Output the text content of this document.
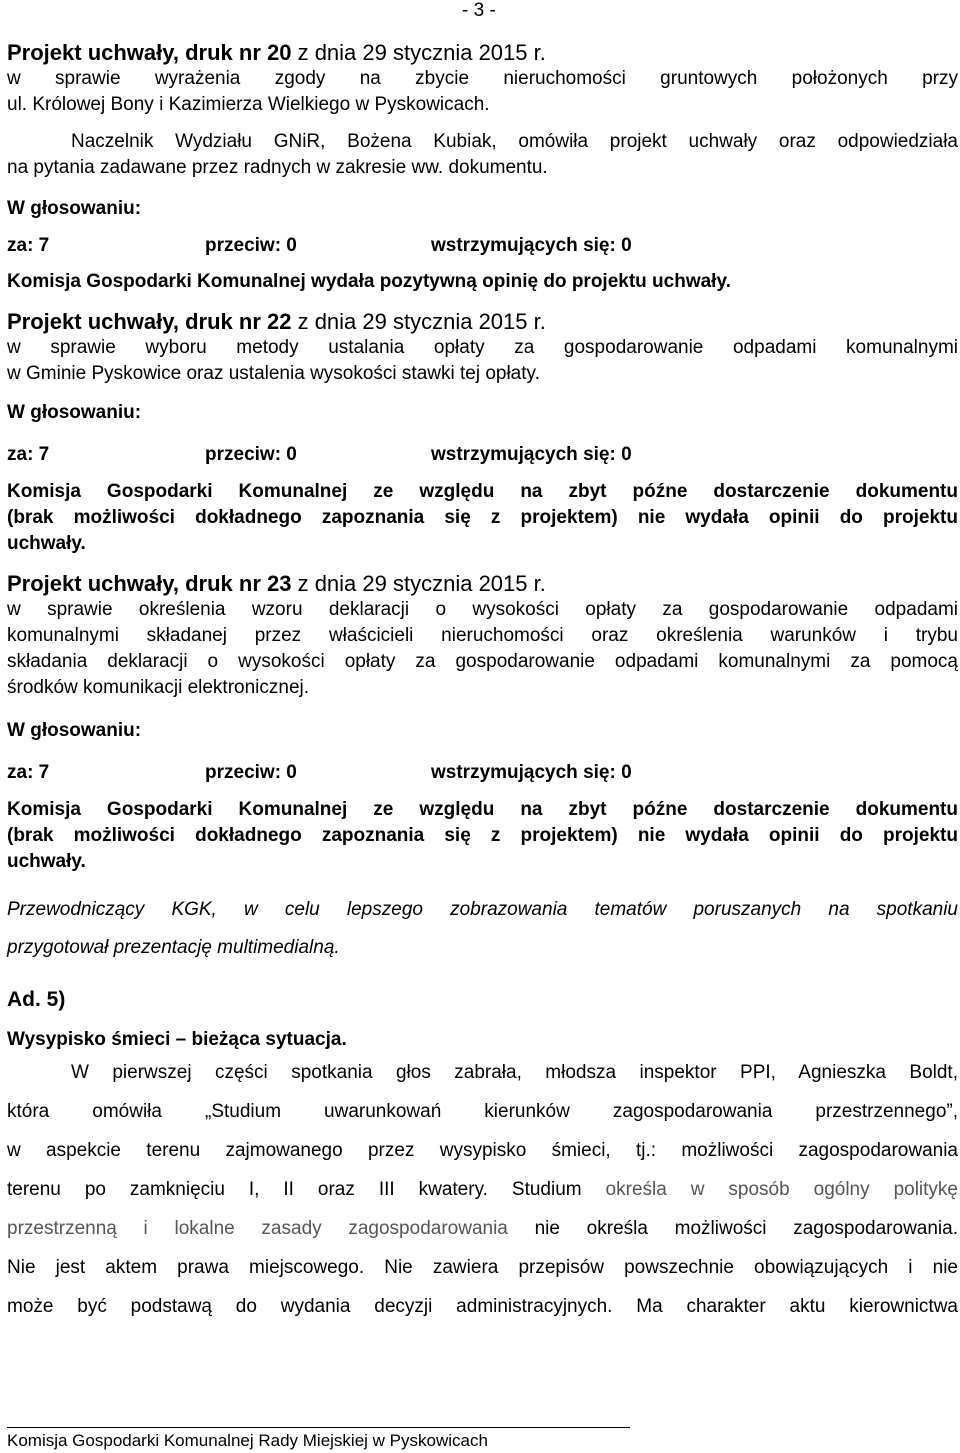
- 3 -

Projekt uchwały, druk nr 20 z dnia 29 stycznia 2015 r.

w sprawie wyrażenia zgody na zbycie nieruchomości gruntowych położonych przy
ul. Królowej Bony i Kazimierza Wielkiego w Pyskowicach.

Naczelnik Wydziału GNiR, Bożena Kubiak, omówiła projekt uchwały oraz odpowiedziała
na pytania zadawane przez radnych w zakresie ww. dokumentu.

W głosowaniu:

za: 7	przeciw: 0	wstrzymujących się: 0

Komisja Gospodarki Komunalnej wydała pozytywną opinię do projektu uchwały.

Projekt uchwały, druk nr 22 z dnia 29 stycznia 2015 r.

w sprawie wyboru metody ustalania opłaty za gospodarowanie odpadami komunalnymi
w Gminie Pyskowice oraz ustalenia wysokości stawki tej opłaty.

W głosowaniu:

za: 7	przeciw: 0	wstrzymujących się: 0

Komisja Gospodarki Komunalnej ze względu na zbyt późne dostarczenie dokumentu
(brak możliwości dokładnego zapoznania się z projektem) nie wydała opinii do projektu
uchwały.

Projekt uchwały, druk nr 23 z dnia 29 stycznia 2015 r.

w sprawie określenia wzoru deklaracji o wysokości opłaty za gospodarowanie odpadami
komunalnymi składanej przez właścicieli nieruchomości oraz określenia warunków i trybu
składania deklaracji o wysokości opłaty za gospodarowanie odpadami komunalnymi za pomocą
środków komunikacji elektronicznej.

W głosowaniu:

za: 7	przeciw: 0	wstrzymujących się: 0

Komisja Gospodarki Komunalnej ze względu na zbyt późne dostarczenie dokumentu
(brak możliwości dokładnego zapoznania się z projektem) nie wydała opinii do projektu
uchwały.

Przewodniczący KGK, w celu lepszego zobrazowania tematów poruszanych na spotkaniu
przygotował prezentację multimedialną.

Ad. 5)

Wysypisko śmieci – bieżąca sytuacja.

W pierwszej części spotkania głos zabrała, młodsza inspektor PPI, Agnieszka Boldt,
która omówiła „Studium uwarunkowań kierunków zagospodarowania przestrzennego”,
w aspekcie terenu zajmowanego przez wysypisko śmieci, tj.: możliwości zagospodarowania
terenu po zamknięciu I, II oraz III kwatery. Studium określa w sposób ogólny politykę
przestrzenną i lokalne zasady zagospodarowania nie określa możliwości zagospodarowania.
Nie jest aktem prawa miejscowego. Nie zawiera przepisów powszechnie obowiązujących i nie
może być podstawą do wydania decyzji administracyjnych. Ma charakter aktu kierownictwa

Komisja Gospodarki Komunalnej Rady Miejskiej w Pyskowicach
